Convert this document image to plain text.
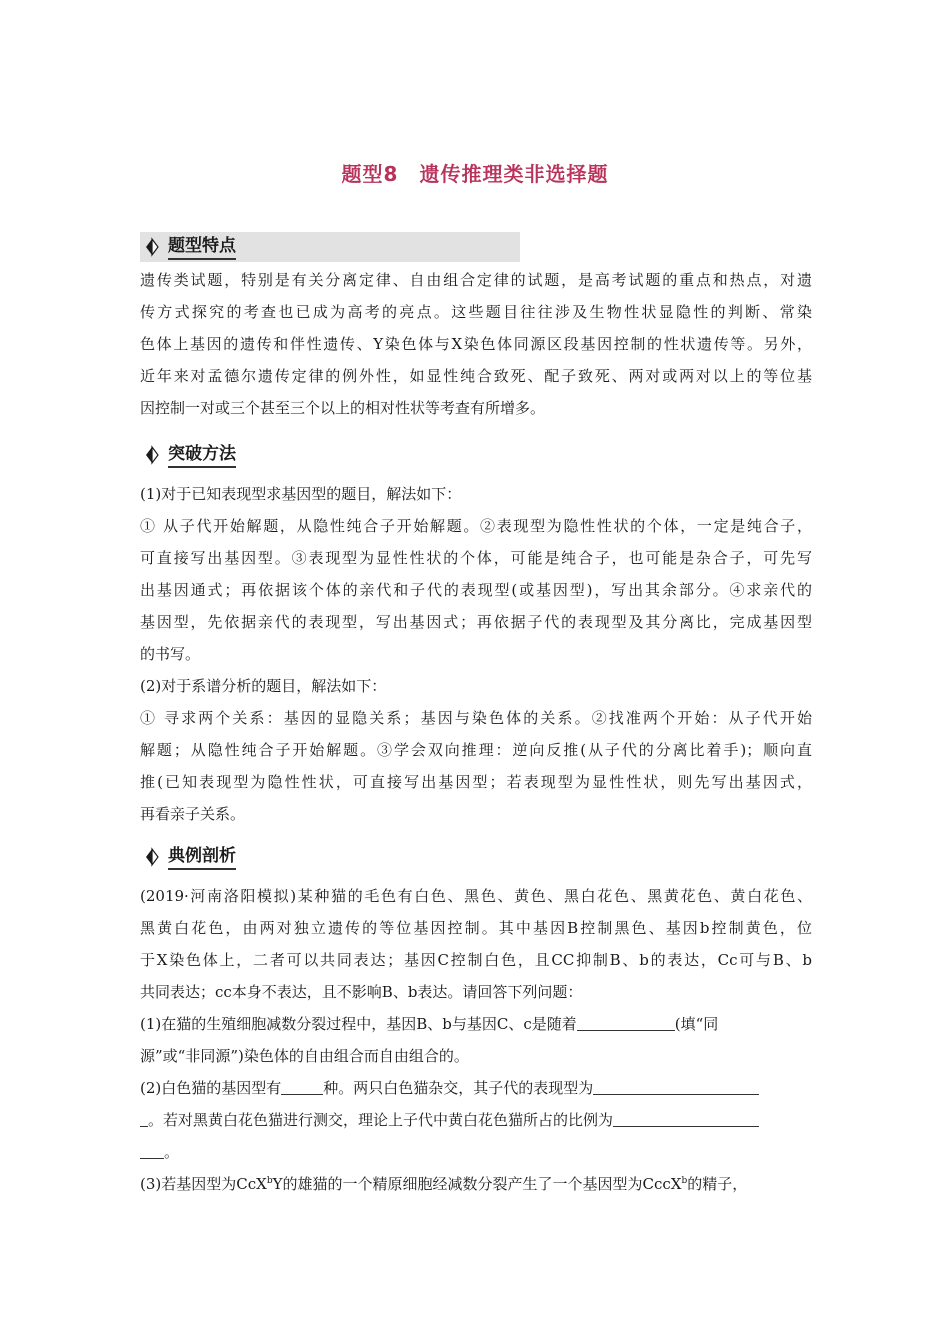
题型8　遗传推理类非选择题
题型特点
遗传类试题，特别是有关分离定律、自由组合定律的试题，是高考试题的重点和热点，对遗
传方式探究的考查也已成为高考的亮点。这些题目往往涉及生物性状显隐性的判断、常染
色体上基因的遗传和伴性遗传、Y染色体与X染色体同源区段基因控制的性状遗传等。另外，
近年来对孟德尔遗传定律的例外性，如显性纯合致死、配子致死、两对或两对以上的等位基
因控制一对或三个甚至三个以上的相对性状等考查有所增多。
突破方法
(1)对于已知表现型求基因型的题目，解法如下：
① 从子代开始解题，从隐性纯合子开始解题。②表现型为隐性性状的个体，一定是纯合子，
可直接写出基因型。③表现型为显性性状的个体，可能是纯合子，也可能是杂合子，可先写
出基因通式；再依据该个体的亲代和子代的表现型(或基因型)，写出其余部分。④求亲代的
基因型，先依据亲代的表现型，写出基因式；再依据子代的表现型及其分离比，完成基因型
的书写。
(2)对于系谱分析的题目，解法如下：
① 寻求两个关系：基因的显隐关系；基因与染色体的关系。②找准两个开始：从子代开始
解题；从隐性纯合子开始解题。③学会双向推理：逆向反推(从子代的分离比着手)；顺向直
推(已知表现型为隐性性状，可直接写出基因型；若表现型为显性性状，则先写出基因式，
再看亲子关系。
典例剖析
(2019·河南洛阳模拟)某种猫的毛色有白色、黑色、黄色、黑白花色、黑黄花色、黄白花色、
黑黄白花色，由两对独立遗传的等位基因控制。其中基因B控制黑色、基因b控制黄色，位
于X染色体上，二者可以共同表达；基因C控制白色，且CC抑制B、b的表达，Cc可与B、b
共同表达；cc本身不表达，且不影响B、b表达。请回答下列问题：
(1)在猫的生殖细胞减数分裂过程中，基因B、b与基因C、c是随着	(填“同
源”或“非同源”)染色体的自由组合而自由组合的。
(2)白色猫的基因型有	种。两只白色猫杂交，其子代的表现型为
。若对黑黄白花色猫进行测交，理论上子代中黄白花色猫所占的比例为
。
(3)若基因型为CcX$^b$Y的雄猫的一个精原细胞经减数分裂产生了一个基因型为CccX$^b$的精子，
